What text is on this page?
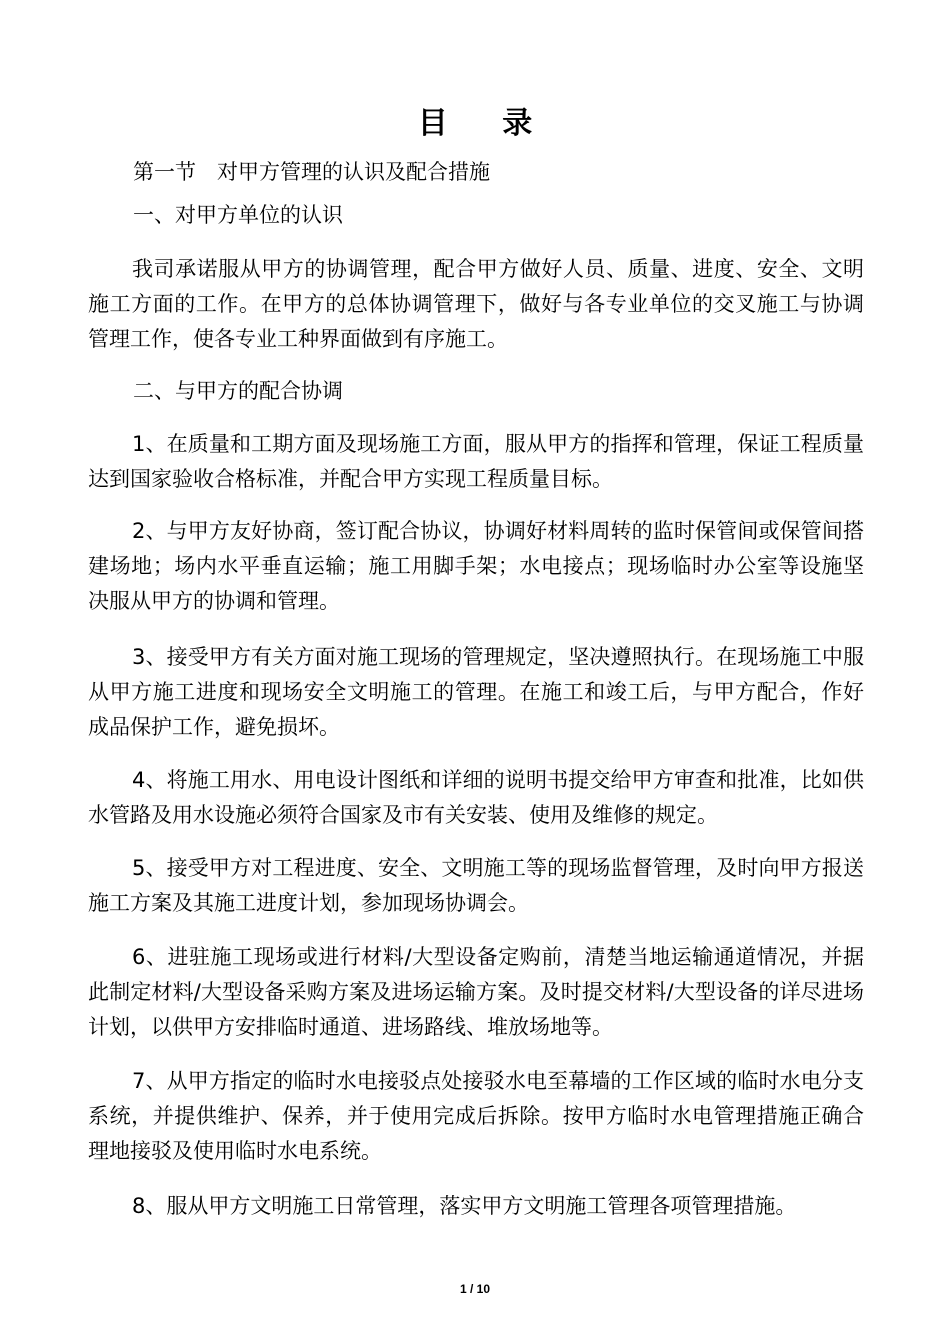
目 录
第一节　对甲方管理的认识及配合措施
一、对甲方单位的认识
我司承诺服从甲方的协调管理，配合甲方做好人员、质量、进度、安全、文明施工方面的工作。在甲方的总体协调管理下，做好与各专业单位的交叉施工与协调管理工作，使各专业工种界面做到有序施工。
二、与甲方的配合协调
1、在质量和工期方面及现场施工方面，服从甲方的指挥和管理，保证工程质量达到国家验收合格标准，并配合甲方实现工程质量目标。
2、与甲方友好协商，签订配合协议，协调好材料周转的监时保管间或保管间搭建场地；场内水平垂直运输；施工用脚手架；水电接点；现场临时办公室等设施坚决服从甲方的协调和管理。
3、接受甲方有关方面对施工现场的管理规定，坚决遵照执行。在现场施工中服从甲方施工进度和现场安全文明施工的管理。在施工和竣工后，与甲方配合，作好成品保护工作，避免损坏。
4、将施工用水、用电设计图纸和详细的说明书提交给甲方审查和批准，比如供水管路及用水设施必须符合国家及市有关安装、使用及维修的规定。
5、接受甲方对工程进度、安全、文明施工等的现场监督管理，及时向甲方报送施工方案及其施工进度计划，参加现场协调会。
6、进驻施工现场或进行材料/大型设备定购前，清楚当地运输通道情况，并据此制定材料/大型设备采购方案及进场运输方案。及时提交材料/大型设备的详尽进场计划，以供甲方安排临时通道、进场路线、堆放场地等。
7、从甲方指定的临时水电接驳点处接驳水电至幕墙的工作区域的临时水电分支系统，并提供维护、保养，并于使用完成后拆除。按甲方临时水电管理措施正确合理地接驳及使用临时水电系统。
8、服从甲方文明施工日常管理，落实甲方文明施工管理各项管理措施。
1 / 10
